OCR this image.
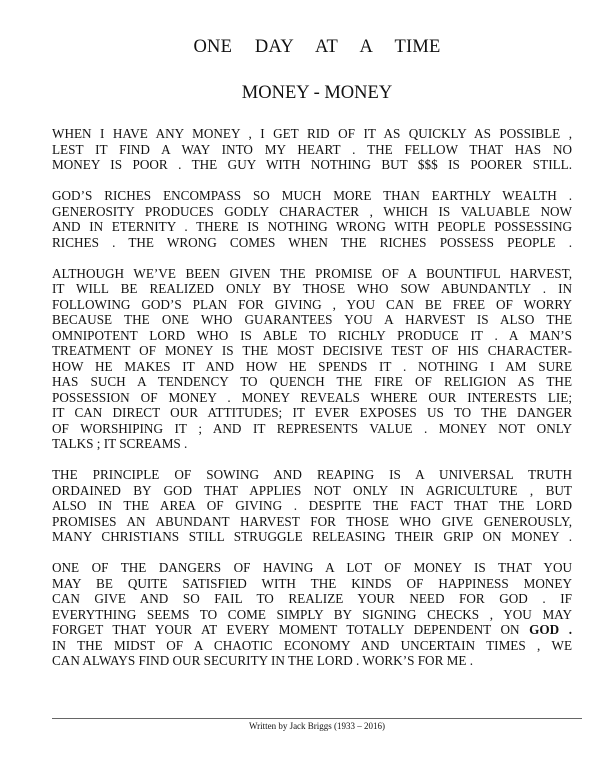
ONE DAY AT A TIME
MONEY - MONEY
WHEN I HAVE ANY MONEY , I GET RID OF IT AS QUICKLY AS POSSIBLE ,
LEST IT FIND A WAY INTO MY HEART . THE FELLOW THAT HAS NO
MONEY IS POOR . THE GUY WITH NOTHING BUT $$$ IS POORER STILL.
GOD’S RICHES ENCOMPASS SO MUCH MORE THAN EARTHLY WEALTH .
GENEROSITY PRODUCES GODLY CHARACTER , WHICH IS VALUABLE NOW
AND IN ETERNITY . THERE IS NOTHING WRONG WITH PEOPLE POSSESSING
RICHES . THE WRONG COMES WHEN THE RICHES POSSESS PEOPLE .
ALTHOUGH WE’VE BEEN GIVEN THE PROMISE OF A BOUNTIFUL HARVEST,
IT WILL BE REALIZED ONLY BY THOSE WHO SOW ABUNDANTLY . IN
FOLLOWING GOD’S PLAN FOR GIVING , YOU CAN BE FREE OF WORRY
BECAUSE THE ONE WHO GUARANTEES YOU A HARVEST IS ALSO THE
OMNIPOTENT LORD WHO IS ABLE TO RICHLY PRODUCE IT . A MAN’S
TREATMENT OF MONEY IS THE MOST DECISIVE TEST OF HIS CHARACTER-
HOW HE MAKES IT AND HOW HE SPENDS IT . NOTHING I AM SURE
HAS SUCH A TENDENCY TO QUENCH THE FIRE OF RELIGION AS THE
POSSESSION OF MONEY . MONEY REVEALS WHERE OUR INTERESTS LIE;
IT CAN DIRECT OUR ATTITUDES; IT EVER EXPOSES US TO THE DANGER
OF WORSHIPING IT ; AND IT REPRESENTS VALUE . MONEY NOT ONLY
TALKS ; IT SCREAMS .
THE PRINCIPLE OF SOWING AND REAPING IS A UNIVERSAL TRUTH
ORDAINED BY GOD THAT APPLIES NOT ONLY IN AGRICULTURE , BUT
ALSO IN THE AREA OF GIVING . DESPITE THE FACT THAT THE LORD
PROMISES AN ABUNDANT HARVEST FOR THOSE WHO GIVE GENEROUSLY,
MANY CHRISTIANS STILL STRUGGLE RELEASING THEIR GRIP ON MONEY .
ONE OF THE DANGERS OF HAVING A LOT OF MONEY IS THAT YOU
MAY BE QUITE SATISFIED WITH THE KINDS OF HAPPINESS MONEY
CAN GIVE AND SO FAIL TO REALIZE YOUR NEED FOR GOD . IF
EVERYTHING SEEMS TO COME SIMPLY BY SIGNING CHECKS , YOU MAY
FORGET THAT YOUR AT EVERY MOMENT TOTALLY DEPENDENT ON GOD .
IN THE MIDST OF A CHAOTIC ECONOMY AND UNCERTAIN TIMES , WE
CAN ALWAYS FIND OUR SECURITY IN THE LORD . WORK’S FOR ME .
Written by Jack Briggs (1933 – 2016)
